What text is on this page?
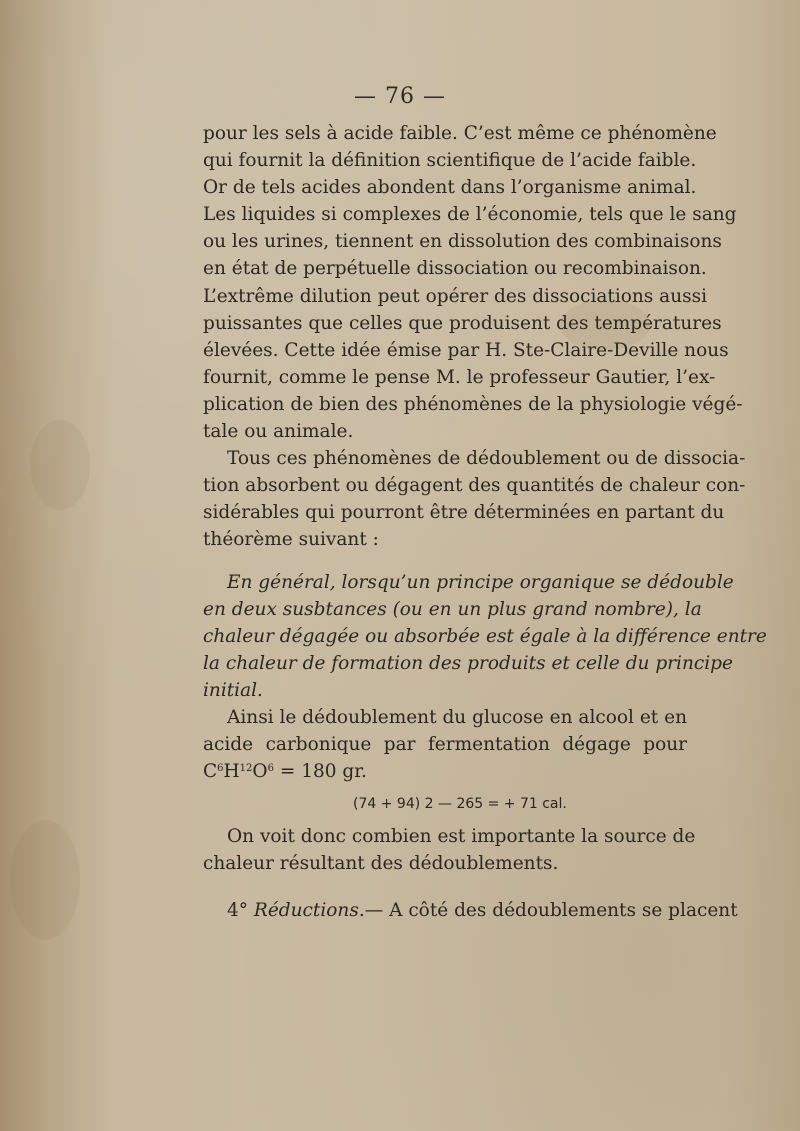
— 76 —
pour les sels à acide faible. C’est même ce phénomène
qui fournit la définition scientifique de l’acide faible.
Or de tels acides abondent dans l’organisme animal.
Les liquides si complexes de l’économie, tels que le sang
ou les urines, tiennent en dissolution des combinaisons
en état de perpétuelle dissociation ou recombinaison.
L’extrême dilution peut opérer des dissociations aussi
puissantes que celles que produisent des températures
élevées. Cette idée émise par H. Ste-Claire-Deville nous
fournit, comme le pense M. le professeur Gautier, l’ex-
plication de bien des phénomènes de la physiologie végé-
tale ou animale.
Tous ces phénomènes de dédoublement ou de dissocia-
tion absorbent ou dégagent des quantités de chaleur con-
sidérables qui pourront être déterminées en partant du
théorème suivant :
En général, lorsqu’un principe organique se dédouble
en deux susbtances (ou en un plus grand nombre), la
chaleur dégagée ou absorbée est égale à la différence entre
la chaleur de formation des produits et celle du principe
initial.
Ainsi le dédoublement du glucose en alcool et en
acide carbonique par fermentation dégage pour
$C^6H^{12}O^6 = 180$ gr.
(74 + 94) 2 — 265 = + 71 cal.
On voit donc combien est importante la source de
chaleur résultant des dédoublements.
4° Réductions.— A côté des dédoublements se placent
